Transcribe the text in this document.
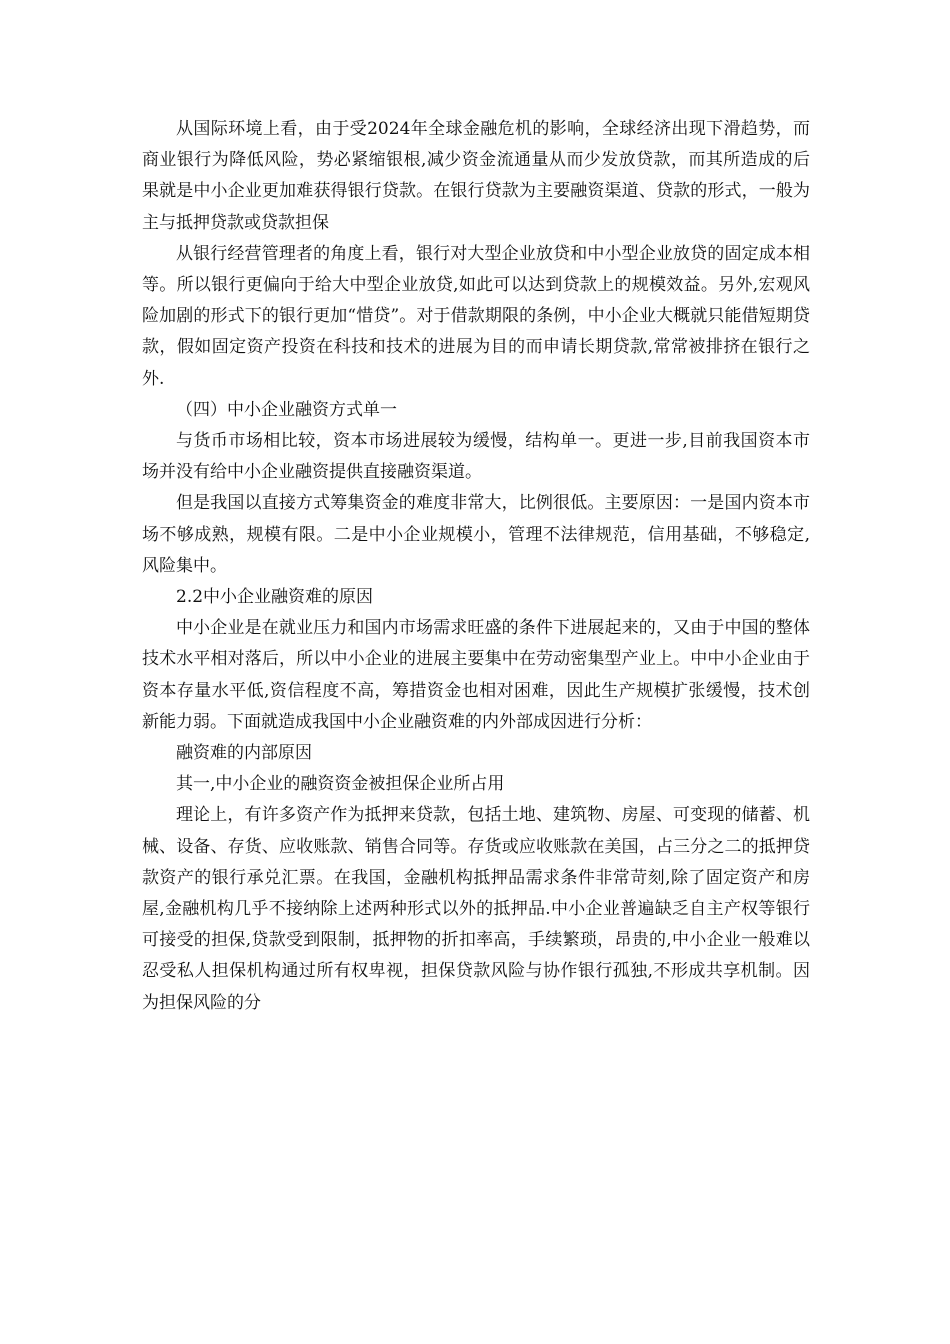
从国际环境上看，由于受2024年全球金融危机的影响，全球经济出现下滑趋势，而商业银行为降低风险，势必紧缩银根,减少资金流通量从而少发放贷款，而其所造成的后果就是中小企业更加难获得银行贷款。在银行贷款为主要融资渠道、贷款的形式，一般为主与抵押贷款或贷款担保

从银行经营管理者的角度上看，银行对大型企业放贷和中小型企业放贷的固定成本相等。所以银行更偏向于给大中型企业放贷,如此可以达到贷款上的规模效益。另外,宏观风险加剧的形式下的银行更加“惜贷”。对于借款期限的条例，中小企业大概就只能借短期贷款，假如固定资产投资在科技和技术的进展为目的而申请长期贷款,常常被排挤在银行之外.

（四）中小企业融资方式单一

与货币市场相比较，资本市场进展较为缓慢，结构单一。更进一步,目前我国资本市场并没有给中小企业融资提供直接融资渠道。

但是我国以直接方式筹集资金的难度非常大，比例很低。主要原因：一是国内资本市场不够成熟，规模有限。二是中小企业规模小，管理不法律规范，信用基础，不够稳定,风险集中。

2.2中小企业融资难的原因

中小企业是在就业压力和国内市场需求旺盛的条件下进展起来的，又由于中国的整体技术水平相对落后，所以中小企业的进展主要集中在劳动密集型产业上。中中小企业由于资本存量水平低,资信程度不高，筹措资金也相对困难，因此生产规模扩张缓慢，技术创新能力弱。下面就造成我国中小企业融资难的内外部成因进行分析：

融资难的内部原因

其一,中小企业的融资资金被担保企业所占用

理论上，有许多资产作为抵押来贷款，包括土地、建筑物、房屋、可变现的储蓄、机械、设备、存货、应收账款、销售合同等。存货或应收账款在美国，占三分之二的抵押贷款资产的银行承兑汇票。在我国，金融机构抵押品需求条件非常苛刻,除了固定资产和房屋,金融机构几乎不接纳除上述两种形式以外的抵押品.中小企业普遍缺乏自主产权等银行可接受的担保,贷款受到限制，抵押物的折扣率高，手续繁琐，昂贵的,中小企业一般难以忍受私人担保机构通过所有权卑视，担保贷款风险与协作银行孤独,不形成共享机制。因为担保风险的分
